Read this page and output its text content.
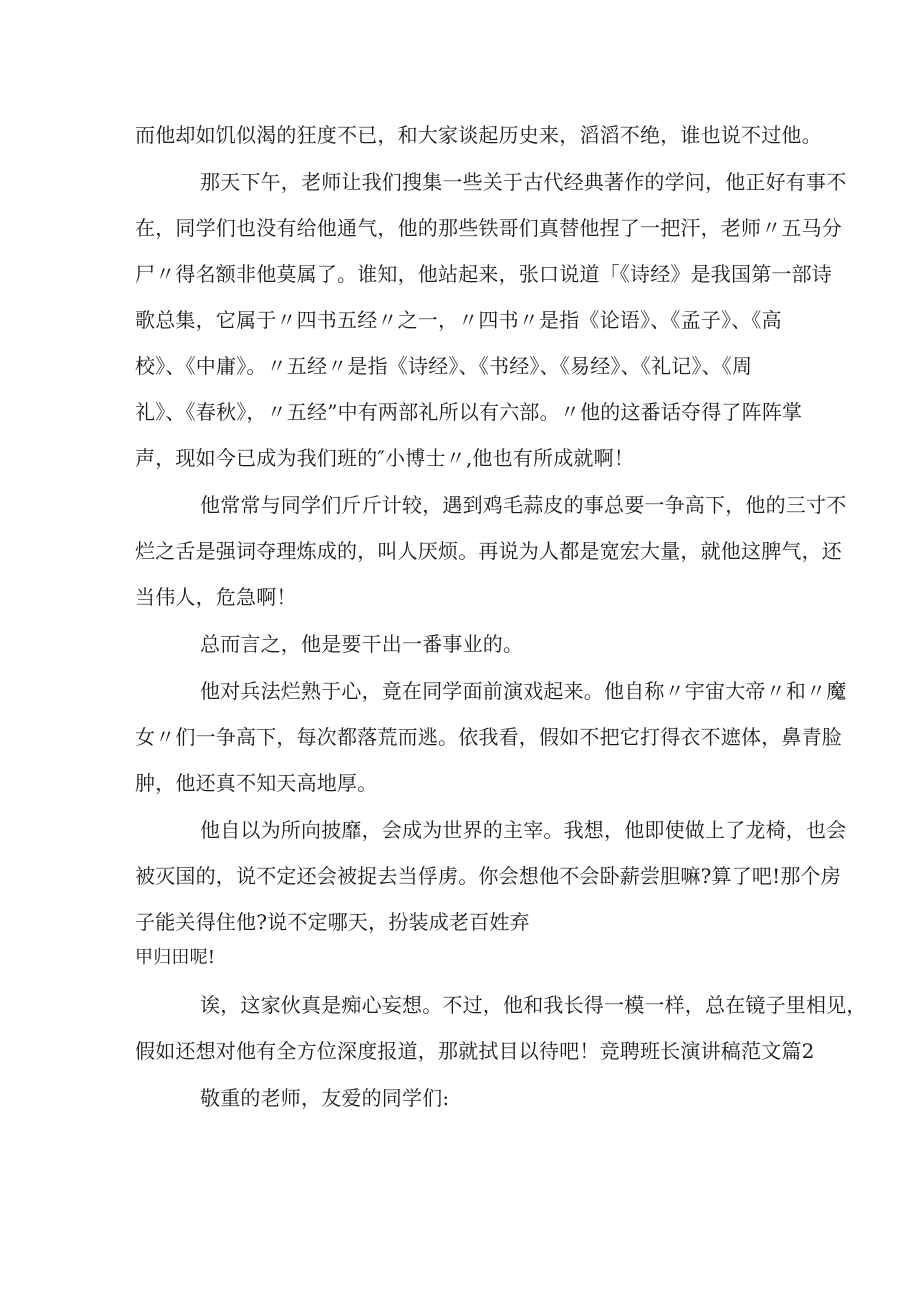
而他却如饥似渴的狂度不已，和大家谈起历史来，滔滔不绝，谁也说不过他。
那天下午，老师让我们搜集一些关于古代经典著作的学问，他正好有事不
在，同学们也没有给他通气，他的那些铁哥们真替他捏了一把汗，老师〃五马分
尸〃得名额非他莫属了。谁知，他站起来，张口说道「《诗经》是我国第一部诗
歌总集，它属于〃四书五经〃之一，〃四书〃是指《论语》、《孟子》、《高
校》、《中庸》。〃五经〃是指《诗经》、《书经》、《易经》、《礼记》、《周
礼》、《春秋》，〃五经”中有两部礼所以有六部。〃他的这番话夺得了阵阵掌
声，现如今已成为我们班的″小博士〃,他也有所成就啊！
他常常与同学们斤斤计较，遇到鸡毛蒜皮的事总要一争高下，他的三寸不
烂之舌是强词夺理炼成的，叫人厌烦。再说为人都是宽宏大量，就他这脾气，还
当伟人，危急啊！
总而言之，他是要干出一番事业的。
他对兵法烂熟于心，竟在同学面前演戏起来。他自称〃宇宙大帝〃和〃魔
女〃们一争高下，每次都落荒而逃。依我看，假如不把它打得衣不遮体，鼻青脸
肿，他还真不知天高地厚。
他自以为所向披靡，会成为世界的主宰。我想，他即使做上了龙椅，也会
被灭国的，说不定还会被捉去当俘虏。你会想他不会卧薪尝胆嘛?算了吧!那个房
子能关得住他?说不定哪天，扮装成老百姓弃
甲归田呢!
诶，这家伙真是痴心妄想。不过，他和我长得一模一样，总在镜子里相见，
假如还想对他有全方位深度报道，那就拭目以待吧！竞聘班长演讲稿范文篇2
敬重的老师，友爱的同学们:
